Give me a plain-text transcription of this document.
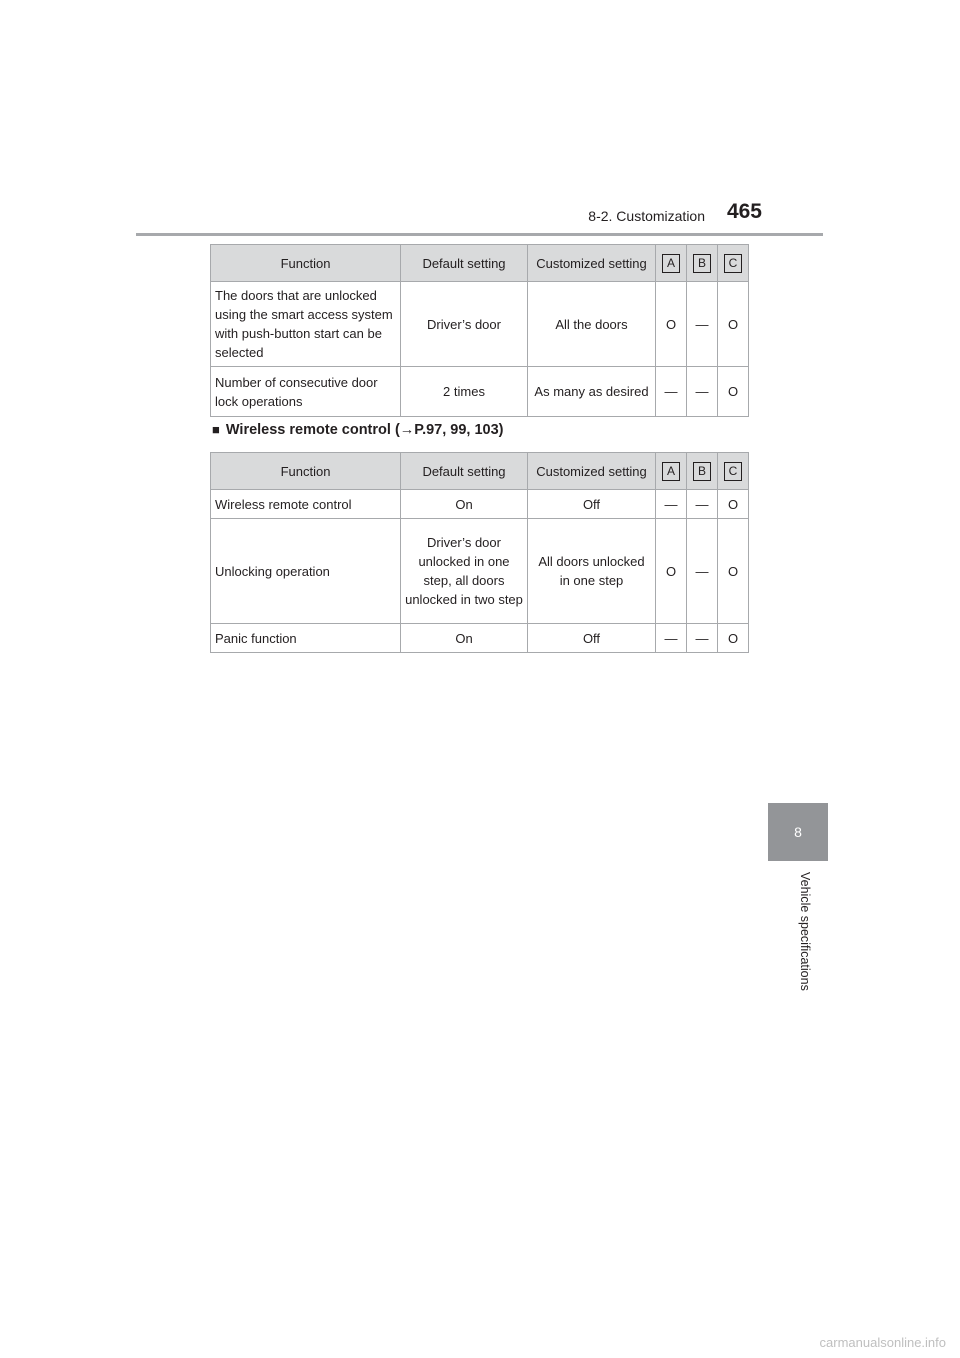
8-2. Customization	465
8
Vehicle specifications
Function	Default setting	Customized setting	A	B	C
The doors that are unlocked using the smart access system with push-button start can be selected	Driver’s door	All the doors	O	—	O
Number of consecutive door lock operations	2 times	As many as desired	—	—	O
■ Wireless remote control (→P.97, 99, 103)
Function	Default setting	Customized setting	A	B	C
Wireless remote control	On	Off	—	—	O
Unlocking operation	Driver’s door unlocked in one step, all doors unlocked in two step	All doors unlocked in one step	O	—	O
Panic function	On	Off	—	—	O
carmanualsonline.info
